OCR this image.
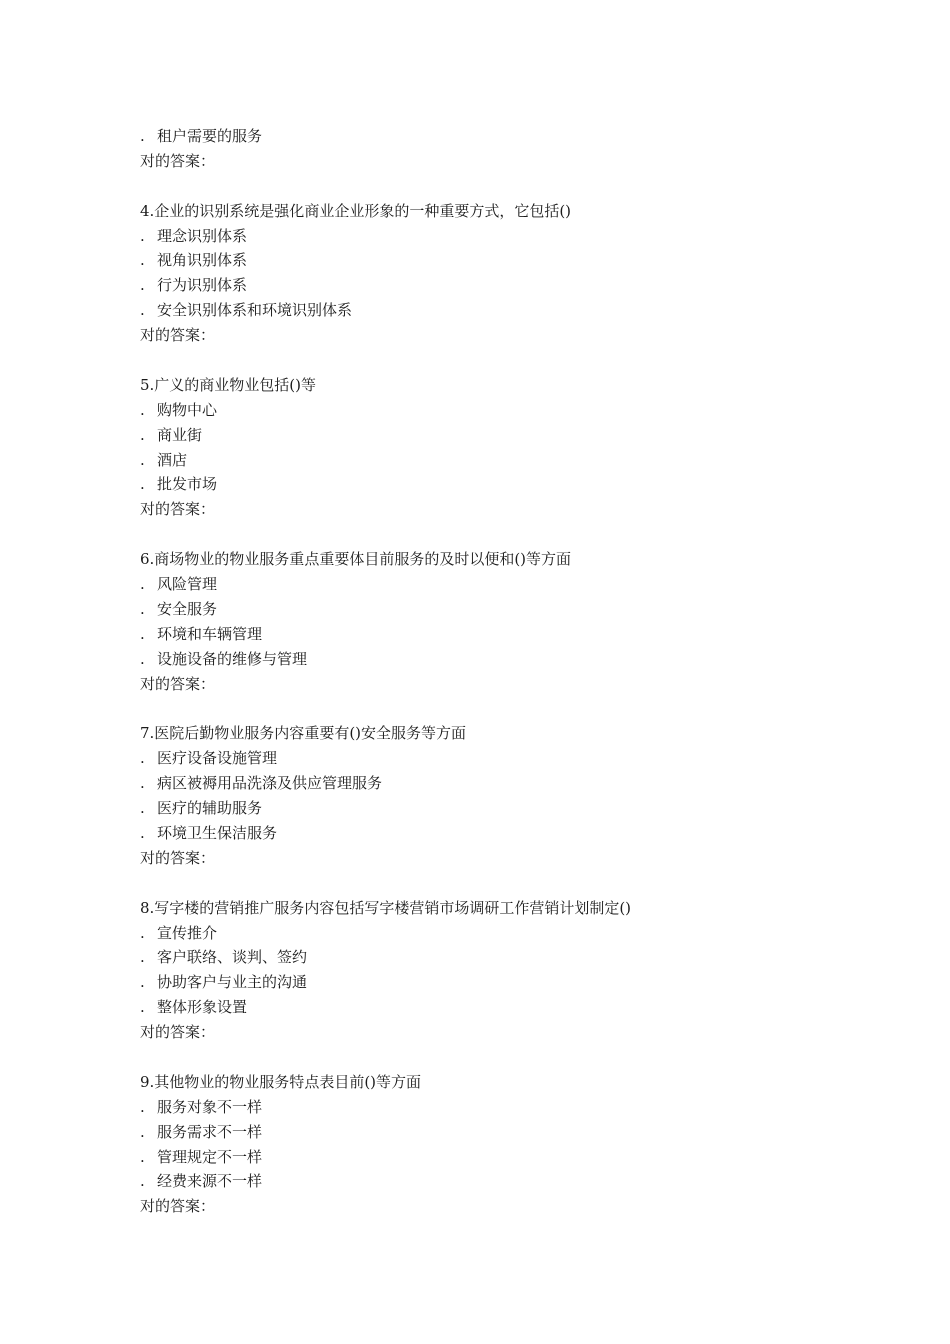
. 租户需要的服务
对的答案：
4.企业的识别系统是强化商业企业形象的一种重要方式，它包括()
. 理念识别体系
. 视角识别体系
. 行为识别体系
. 安全识别体系和环境识别体系
对的答案：
5.广义的商业物业包括()等
. 购物中心
. 商业街
. 酒店
. 批发市场
对的答案：
6.商场物业的物业服务重点重要体目前服务的及时以便和()等方面
. 风险管理
. 安全服务
. 环境和车辆管理
. 设施设备的维修与管理
对的答案：
7.医院后勤物业服务内容重要有()安全服务等方面
. 医疗设备设施管理
. 病区被褥用品洗涤及供应管理服务
. 医疗的辅助服务
. 环境卫生保洁服务
对的答案：
8.写字楼的营销推广服务内容包括写字楼营销市场调研工作营销计划制定()
. 宣传推介
. 客户联络、谈判、签约
. 协助客户与业主的沟通
. 整体形象设置
对的答案：
9.其他物业的物业服务特点表目前()等方面
. 服务对象不一样
. 服务需求不一样
. 管理规定不一样
. 经费来源不一样
对的答案：
